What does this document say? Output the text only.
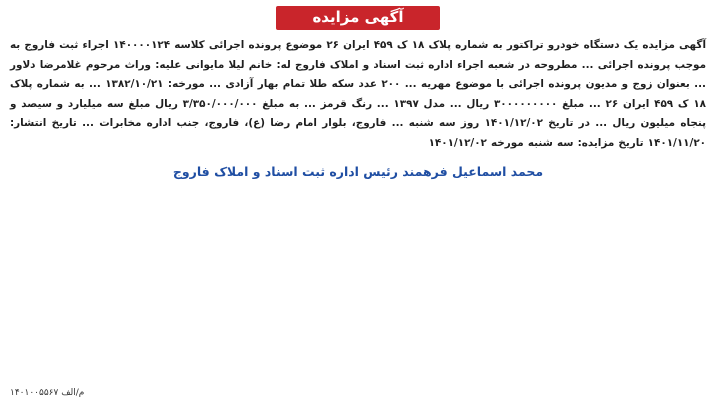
آگهی مزایده

آگهی مزایده یک دستگاه خودرو تراکتور به شماره پلاک ۱۸ ک ۴۵۹ ایران ۲۶ موضوع پرونده اجرائی کلاسه ۱۴۰۰۰۰۱۲۴ اجراء ثبت فاروج به موجب پرونده اجرائی ... مطروحه در شعبه اجراء اداره ثبت اسناد و املاک فاروج له: خانم لیلا مایوانی علیه: وراث مرحوم غلامرضا دلاور ... بعنوان زوج و مدیون پرونده اجرائی با موضوع مهریه ... ۲۰۰ عدد سکه طلا تمام بهار آزادی ... مورخه: ۱۳۸۲/۱۰/۲۱ ... به شماره پلاک ۱۸ ک ۴۵۹ ایران ۲۶ ... مبلغ ۳۰۰۰۰۰۰۰۰۰ ریال ... مدل ۱۳۹۷ ... رنگ قرمز ... به مبلغ ۳/۳۵۰/۰۰۰/۰۰۰ ریال مبلغ سه میلیارد و سیصد و پنجاه میلیون ریال ... در تاریخ ۱۴۰۱/۱۲/۰۲ روز سه شنبه ... فاروج، بلوار امام رضا (ع)، فاروج، جنب اداره مخابرات ... تاریخ انتشار: ۱۴۰۱/۱۱/۲۰ تاریخ مزایده: سه شنبه مورخه ۱۴۰۱/۱۲/۰۲

محمد اسماعیل فرهمند رئیس اداره ثبت اسناد و املاک فاروج
م/الف ۱۴۰۱۰۰۵۵۶۷
